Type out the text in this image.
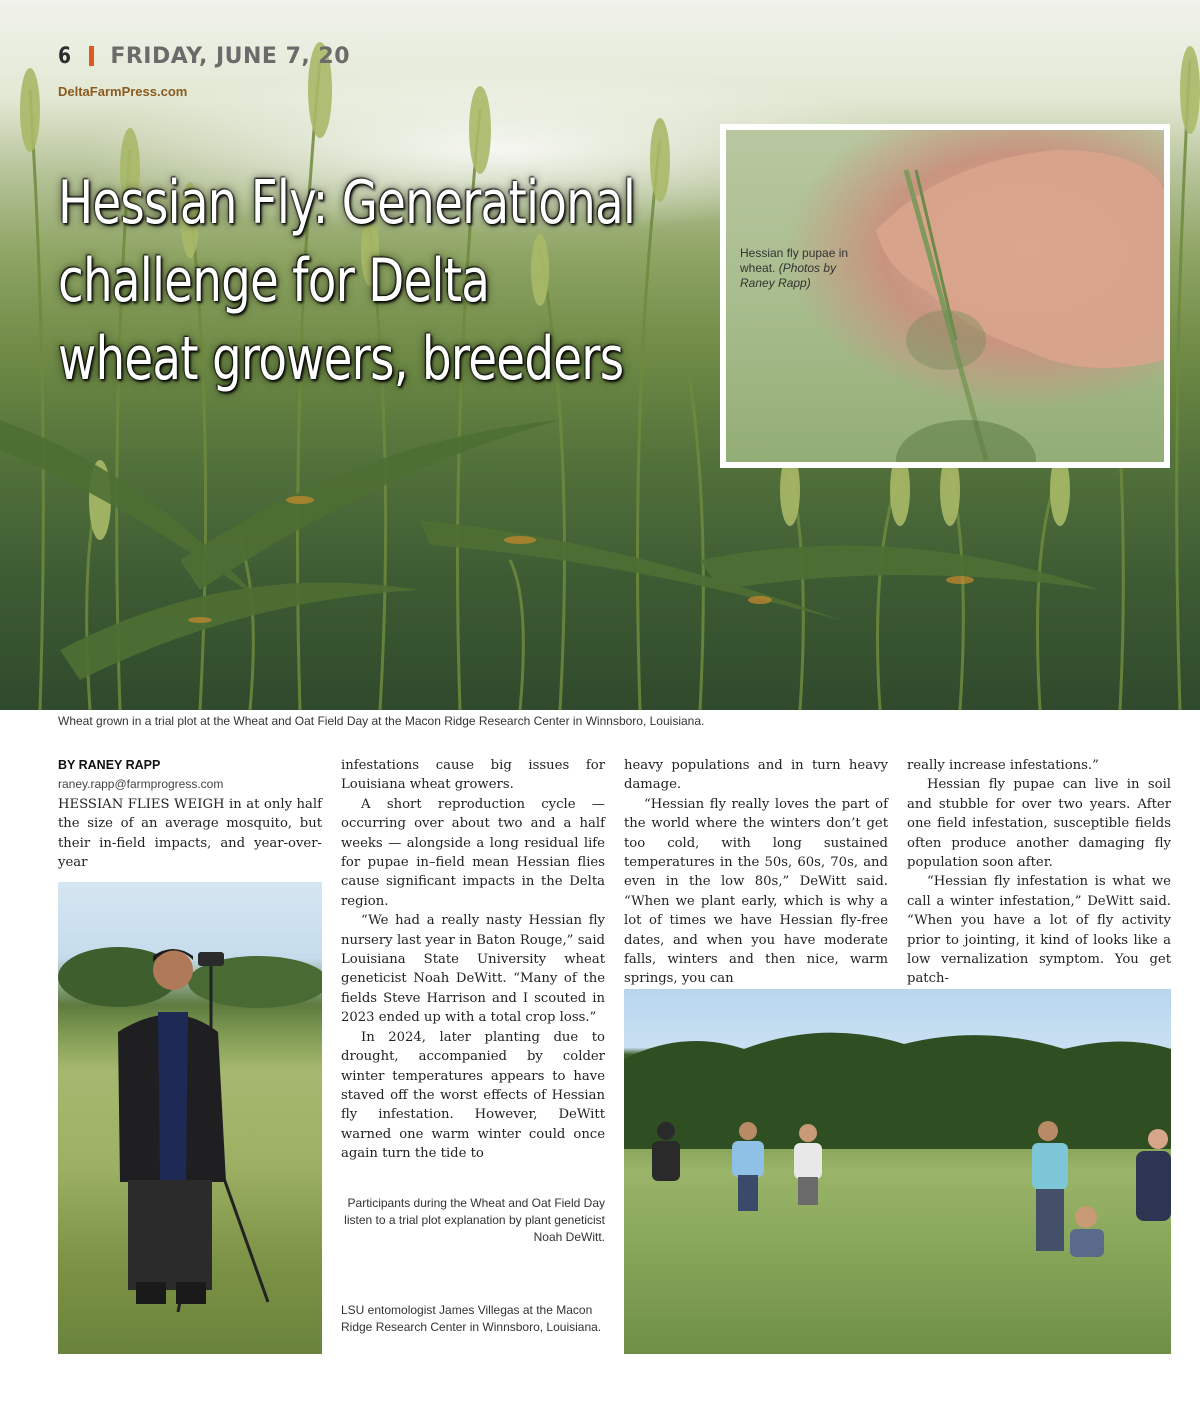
6 FRIDAY, JUNE 7, 20
DeltaFarmPress.com
Hessian Fly: Generational
challenge for Delta
wheat growers, breeders
Hessian fly pupae in wheat. (Photos by Raney Rapp)
Wheat grown in a trial plot at the Wheat and Oat Field Day at the Macon Ridge Research Center in Winnsboro, Louisiana.

BY RANEY RAPP

raney.rapp@farmprogress.com

HESSIAN FLIES WEIGH in at only half the size of an average mosquito, but their in-field impacts, and year-over-year

infestations cause big issues for Louisiana wheat growers.

A short reproduction cycle — occurring over about two and a half weeks — alongside a long residual life for pupae in–field mean Hessian flies cause significant impacts in the Delta region.

“We had a really nasty Hessian fly nursery last year in Baton Rouge,” said Louisiana State University wheat geneticist Noah DeWitt. “Many of the fields Steve Harrison and I scouted in 2023 ended up with a total crop loss.”

In 2024, later planting due to drought, accompanied by colder winter temperatures appears to have staved off the worst effects of Hessian fly infestation. However, DeWitt warned one warm winter could once again turn the tide to

Participants during the Wheat and Oat Field Day listen to a trial plot explanation by plant geneticist Noah DeWitt.
LSU entomologist James Villegas at the Macon Ridge Research Center in Winnsboro, Louisiana.

heavy populations and in turn heavy damage.

“Hessian fly really loves the part of the world where the winters don’t get too cold, with long sustained temperatures in the 50s, 60s, 70s, and even in the low 80s,” DeWitt said. “When we plant early, which is why a lot of times we have Hessian fly-free dates, and when you have moderate falls, winters and then nice, warm springs, you can

really increase infestations.”

Hessian fly pupae can live in soil and stubble for over two years. After one field infestation, susceptible fields often produce another damaging fly population soon after.

“Hessian fly infestation is what we call a winter infestation,” DeWitt said. “When you have a lot of fly activity prior to jointing, it kind of looks like a low vernalization symptom. You get patch-
